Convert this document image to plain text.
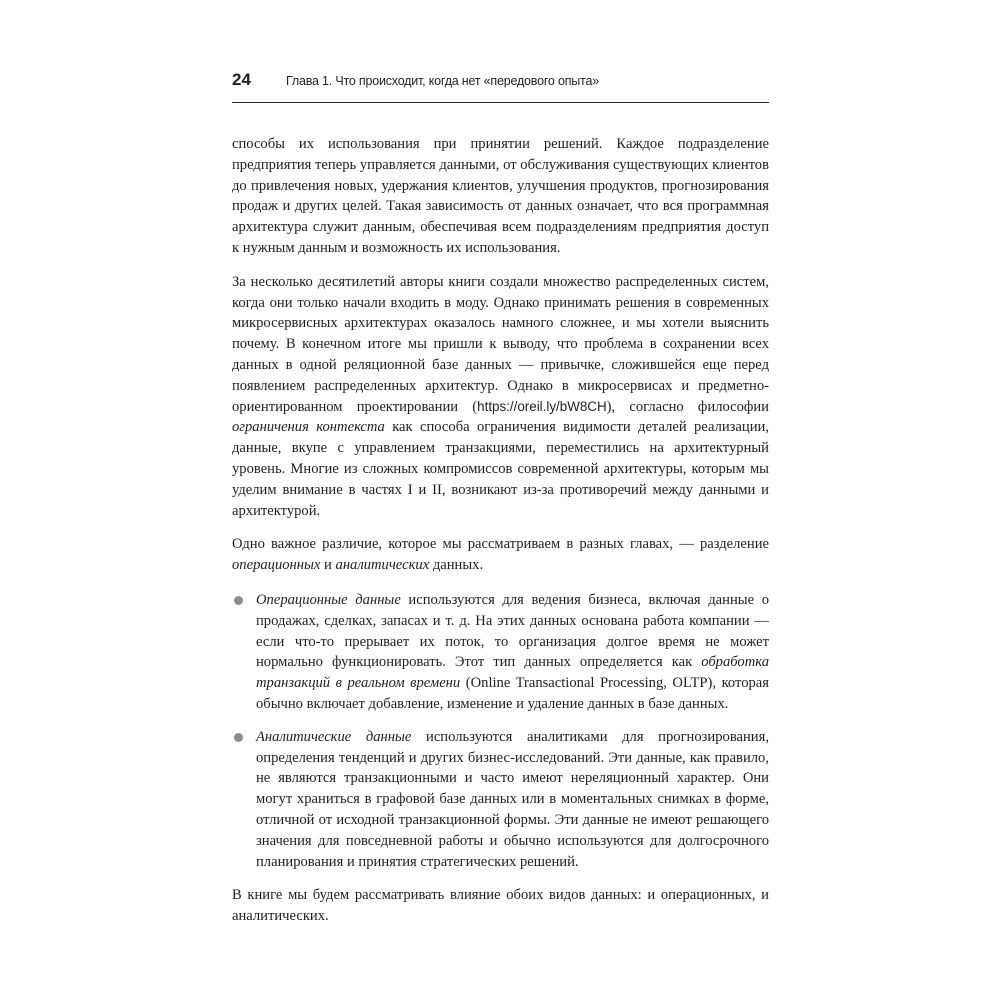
24	Глава 1. Что происходит, когда нет «передового опыта»

способы их использования при принятии решений. Каждое подразделение предприятия теперь управляется данными, от обслуживания существующих клиентов до привлечения новых, удержания клиентов, улучшения продуктов, прогнозирования продаж и других целей. Такая зависимость от данных означает, что вся программная архитектура служит данным, обеспечивая всем подразделениям предприятия доступ к нужным данным и возможность их использования.

За несколько десятилетий авторы книги создали множество распределенных систем, когда они только начали входить в моду. Однако принимать решения в современных микросервисных архитектурах оказалось намного сложнее, и мы хотели выяснить почему. В конечном итоге мы пришли к выводу, что проблема в сохранении всех данных в одной реляционной базе данных — привычке, сложившейся еще перед появлением распределенных архитектур. Однако в микросервисах и предметно-ориентированном проектировании (https://oreil.ly/bW8CH), согласно философии ограничения контекста как способа ограничения видимости деталей реализации, данные, вкупе с управлением транзакциями, переместились на архитектурный уровень. Многие из сложных компромиссов современной архитектуры, которым мы уделим внимание в частях I и II, возникают из-за противоречий между данными и архитектурой.

Одно важное различие, которое мы рассматриваем в разных главах, — разделение операционных и аналитических данных.

Операционные данные используются для ведения бизнеса, включая данные о продажах, сделках, запасах и т. д. На этих данных основана работа компании — если что-то прерывает их поток, то организация долгое время не может нормально функционировать. Этот тип данных определяется как обработка транзакций в реальном времени (Online Transactional Processing, OLTP), которая обычно включает добавление, изменение и удаление данных в базе данных.
Аналитические данные используются аналитиками для прогнозирования, определения тенденций и других бизнес-исследований. Эти данные, как правило, не являются транзакционными и часто имеют нереляционный характер. Они могут храниться в графовой базе данных или в моментальных снимках в форме, отличной от исходной транзакционной формы. Эти данные не имеют решающего значения для повседневной работы и обычно используются для долгосрочного планирования и принятия стратегических решений.

В книге мы будем рассматривать влияние обоих видов данных: и операционных, и аналитических.
